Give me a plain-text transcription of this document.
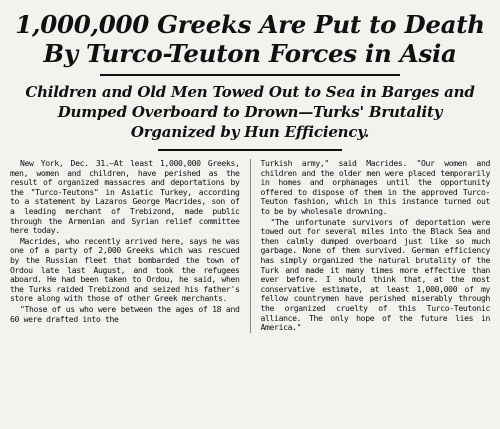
1,000,000 Greeks Are Put to Death
By Turco-Teuton Forces in Asia
Children and Old Men Towed Out to Sea in Barges and
Dumped Overboard to Drown—Turks' Brutality
Organized by Hun Efficiency.

New York, Dec. 31.—At least 1,000,000 Greeks, men, women and children, have perished as the result of organized massacres and deportations by the "Turco-Teutons" in Asiatic Turkey, according to a statement by Lazaros George Macrides, son of a leading merchant of Trebizond, made public through the Armenian and Syrian relief committee here today.

Macrides, who recently arrived here, says he was one of a party of 2,000 Greeks which was rescued by the Russian fleet that bombarded the town of Ordou late last August, and took the refugees aboard. He had been taken to Ordou, he said, when the Turks raided Trebizond and seized his father's store along with those of other Greek merchants.

"Those of us who were between the ages of 18 and 60 were drafted into the

Turkish army," said Macrides. "Our women and children and the older men were placed temporarily in homes and orphanages until the opportunity offered to dispose of them in the approved Turco-Teuton fashion, which in this instance turned out to be by wholesale drowning.

"The unfortunate survivors of deportation were towed out for several miles into the Black Sea and then calmly dumped overboard just like so much garbage. None of them survived. German efficiency has simply organized the natural brutality of the Turk and made it many times more effective than ever before. I should think that, at the most conservative estimate, at least 1,000,000 of my fellow countrymen have perished miserably through the organized cruelty of this Turco-Teutonic alliance. The only hope of the future lies in America."
